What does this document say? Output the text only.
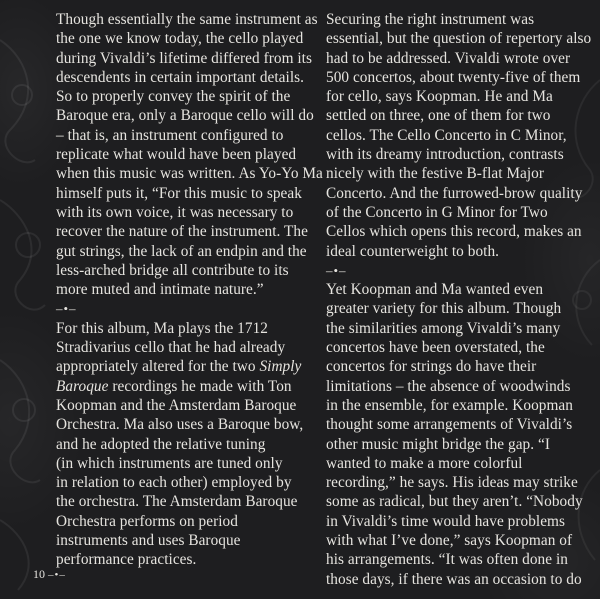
Though essentially the same instrument as
the one we know today, the cello played
during Vivaldi’s lifetime differed from its
descendents in certain important details.
So to properly convey the spirit of the
Baroque era, only a Baroque cello will do
– that is, an instrument configured to
replicate what would have been played
when this music was written. As Yo-Yo Ma
himself puts it, “For this music to speak
with its own voice, it was necessary to
recover the nature of the instrument. The
gut strings, the lack of an endpin and the
less-arched bridge all contribute to its
more muted and intimate nature.”
–•–
For this album, Ma plays the 1712
Stradivarius cello that he had already
appropriately altered for the two Simply
Baroque recordings he made with Ton
Koopman and the Amsterdam Baroque
Orchestra. Ma also uses a Baroque bow,
and he adopted the relative tuning
(in which instruments are tuned only
in relation to each other) employed by
the orchestra. The Amsterdam Baroque
Orchestra performs on period
instruments and uses Baroque
performance practices.
Securing the right instrument was
essential, but the question of repertory also
had to be addressed. Vivaldi wrote over
500 concertos, about twenty-five of them
for cello, says Koopman. He and Ma
settled on three, one of them for two
cellos. The Cello Concerto in C Minor,
with its dreamy introduction, contrasts
nicely with the festive B-flat Major
Concerto. And the furrowed-brow quality
of the Concerto in G Minor for Two
Cellos which opens this record, makes an
ideal counterweight to both.
–•–
Yet Koopman and Ma wanted even
greater variety for this album. Though
the similarities among Vivaldi’s many
concertos have been overstated, the
concertos for strings do have their
limitations – the absence of woodwinds
in the ensemble, for example. Koopman
thought some arrangements of Vivaldi’s
other music might bridge the gap. “I
wanted to make a more colorful
recording,” he says. His ideas may strike
some as radical, but they aren’t. “Nobody
in Vivaldi’s time would have problems
with what I’ve done,” says Koopman of
his arrangements. “It was often done in
those days, if there was an occasion to do
10 –•–
